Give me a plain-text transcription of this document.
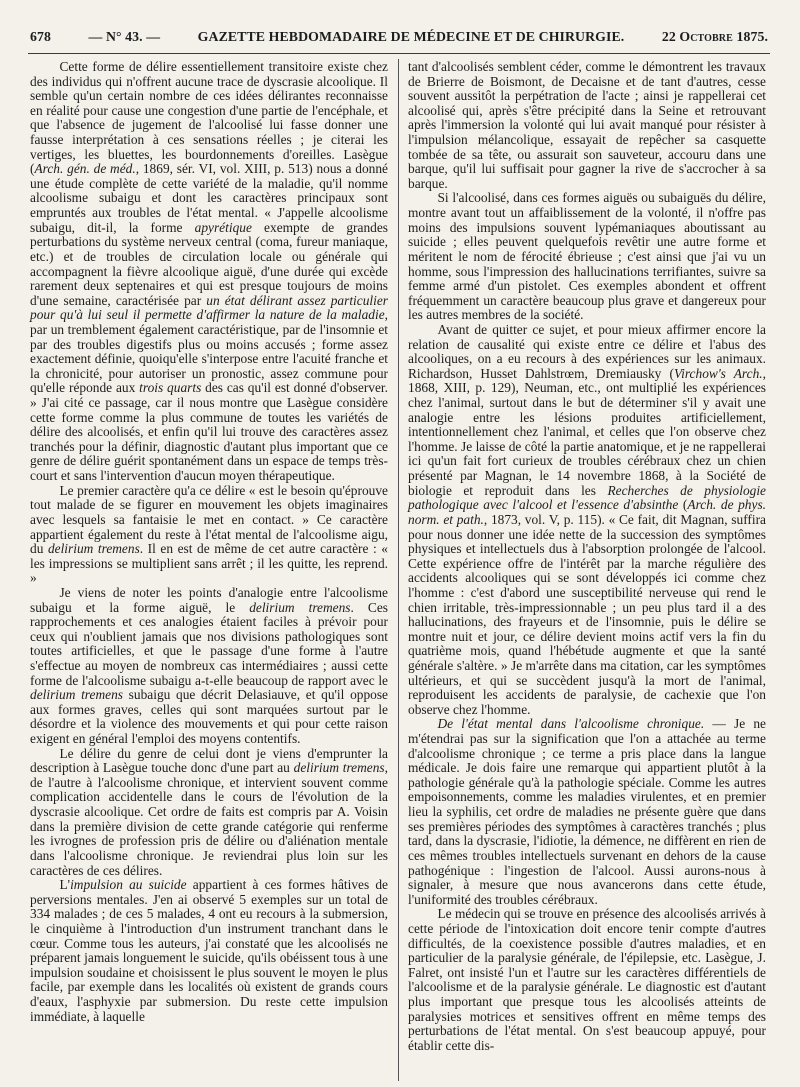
678	— N° 43. —	GAZETTE HEBDOMADAIRE DE MÉDECINE ET DE CHIRURGIE.	22 Octobre 1875.

Cette forme de délire essentiellement transitoire existe chez des individus qui n'offrent aucune trace de dyscrasie alcoolique. Il semble qu'un certain nombre de ces idées délirantes reconnaisse en réalité pour cause une congestion d'une partie de l'encéphale, et que l'absence de jugement de l'alcoolisé lui fasse donner une fausse interprétation à ces sensations réelles ; je citerai les vertiges, les bluettes, les bourdonnements d'oreilles. Lasègue (Arch. gén. de méd., 1869, sér. VI, vol. XIII, p. 513) nous a donné une étude complète de cette variété de la maladie, qu'il nomme alcoolisme subaigu et dont les caractères principaux sont empruntés aux troubles de l'état mental. « J'appelle alcoolisme subaigu, dit-il, la forme apyrétique exempte de grandes perturbations du système nerveux central (coma, fureur maniaque, etc.) et de troubles de circulation locale ou générale qui accompagnent la fièvre alcoolique aiguë, d'une durée qui excède rarement deux septenaires et qui est presque toujours de moins d'une semaine, caractérisée par un état délirant assez particulier pour qu'à lui seul il permette d'affirmer la nature de la maladie, par un tremblement également caractéristique, par de l'insomnie et par des troubles digestifs plus ou moins accusés ; forme assez exactement définie, quoiqu'elle s'interpose entre l'acuité franche et la chronicité, pour autoriser un pronostic, assez commune pour qu'elle réponde aux trois quarts des cas qu'il est donné d'observer. » J'ai cité ce passage, car il nous montre que Lasègue considère cette forme comme la plus commune de toutes les variétés de délire des alcoolisés, et enfin qu'il lui trouve des caractères assez tranchés pour la définir, diagnostic d'autant plus important que ce genre de délire guérit spontanément dans un espace de temps très-court et sans l'intervention d'aucun moyen thérapeutique.

Le premier caractère qu'a ce délire « est le besoin qu'éprouve tout malade de se figurer en mouvement les objets imaginaires avec lesquels sa fantaisie le met en contact. » Ce caractère appartient également du reste à l'état mental de l'alcoolisme aigu, du delirium tremens. Il en est de même de cet autre caractère : « les impressions se multiplient sans arrêt ; il les quitte, les reprend. »

Je viens de noter les points d'analogie entre l'alcoolisme subaigu et la forme aiguë, le delirium tremens. Ces rapprochements et ces analogies étaient faciles à prévoir pour ceux qui n'oublient jamais que nos divisions pathologiques sont toutes artificielles, et que le passage d'une forme à l'autre s'effectue au moyen de nombreux cas intermédiaires ; aussi cette forme de l'alcoolisme subaigu a-t-elle beaucoup de rapport avec le delirium tremens subaigu que décrit Delasiauve, et qu'il oppose aux formes graves, celles qui sont marquées surtout par le désordre et la violence des mouvements et qui pour cette raison exigent en général l'emploi des moyens contentifs.

Le délire du genre de celui dont je viens d'emprunter la description à Lasègue touche donc d'une part au delirium tremens, de l'autre à l'alcoolisme chronique, et intervient souvent comme complication accidentelle dans le cours de l'évolution de la dyscrasie alcoolique. Cet ordre de faits est compris par A. Voisin dans la première division de cette grande catégorie qui renferme les ivrognes de profession pris de délire ou d'aliénation mentale dans l'alcoolisme chronique. Je reviendrai plus loin sur les caractères de ces délires.

L'impulsion au suicide appartient à ces formes hâtives de perversions mentales. J'en ai observé 5 exemples sur un total de 334 malades ; de ces 5 malades, 4 ont eu recours à la submersion, le cinquième à l'introduction d'un instrument tranchant dans le cœur. Comme tous les auteurs, j'ai constaté que les alcoolisés ne préparent jamais longuement le suicide, qu'ils obéissent tous à une impulsion soudaine et choisissent le plus souvent le moyen le plus facile, par exemple dans les localités où existent de grands cours d'eaux, l'asphyxie par submersion. Du reste cette impulsion immédiate, à laquelle

tant d'alcoolisés semblent céder, comme le démontrent les travaux de Brierre de Boismont, de Decaisne et de tant d'autres, cesse souvent aussitôt la perpétration de l'acte ; ainsi je rappellerai cet alcoolisé qui, après s'être précipité dans la Seine et retrouvant après l'immersion la volonté qui lui avait manqué pour résister à l'impulsion mélancolique, essayait de repêcher sa casquette tombée de sa tête, ou assurait son sauveteur, accouru dans une barque, qu'il lui suffisait pour gagner la rive de s'accrocher à sa barque.

Si l'alcoolisé, dans ces formes aiguës ou subaiguës du délire, montre avant tout un affaiblissement de la volonté, il n'offre pas moins des impulsions souvent lypémaniaques aboutissant au suicide ; elles peuvent quelquefois revêtir une autre forme et méritent le nom de férocité ébrieuse ; c'est ainsi que j'ai vu un homme, sous l'impression des hallucinations terrifiantes, suivre sa femme armé d'un pistolet. Ces exemples abondent et offrent fréquemment un caractère beaucoup plus grave et dangereux pour les autres membres de la société.

Avant de quitter ce sujet, et pour mieux affirmer encore la relation de causalité qui existe entre ce délire et l'abus des alcooliques, on a eu recours à des expériences sur les animaux. Richardson, Husset Dahlstrœm, Dremiausky (Virchow's Arch., 1868, XIII, p. 129), Neuman, etc., ont multiplié les expériences chez l'animal, surtout dans le but de déterminer s'il y avait une analogie entre les lésions produites artificiellement, intentionnellement chez l'animal, et celles que l'on observe chez l'homme. Je laisse de côté la partie anatomique, et je ne rappellerai ici qu'un fait fort curieux de troubles cérébraux chez un chien présenté par Magnan, le 14 novembre 1868, à la Société de biologie et reproduit dans les Recherches de physiologie pathologique avec l'alcool et l'essence d'absinthe (Arch. de phys. norm. et path., 1873, vol. V, p. 115). « Ce fait, dit Magnan, suffira pour nous donner une idée nette de la succession des symptômes physiques et intellectuels dus à l'absorption prolongée de l'alcool. Cette expérience offre de l'intérêt par la marche régulière des accidents alcooliques qui se sont développés ici comme chez l'homme : c'est d'abord une susceptibilité nerveuse qui rend le chien irritable, très-impressionnable ; un peu plus tard il a des hallucinations, des frayeurs et de l'insomnie, puis le délire se montre nuit et jour, ce délire devient moins actif vers la fin du quatrième mois, quand l'hébétude augmente et que la santé générale s'altère. » Je m'arrête dans ma citation, car les symptômes ultérieurs, et qui se succèdent jusqu'à la mort de l'animal, reproduisent les accidents de paralysie, de cachexie que l'on observe chez l'homme.

De l'état mental dans l'alcoolisme chronique. — Je ne m'étendrai pas sur la signification que l'on a attachée au terme d'alcoolisme chronique ; ce terme a pris place dans la langue médicale. Je dois faire une remarque qui appartient plutôt à la pathologie générale qu'à la pathologie spéciale. Comme les autres empoisonnements, comme les maladies virulentes, et en premier lieu la syphilis, cet ordre de maladies ne présente guère que dans ses premières périodes des symptômes à caractères tranchés ; plus tard, dans la dyscrasie, l'idiotie, la démence, ne diffèrent en rien de ces mêmes troubles intellectuels survenant en dehors de la cause pathogénique : l'ingestion de l'alcool. Aussi aurons-nous à signaler, à mesure que nous avancerons dans cette étude, l'uniformité des troubles cérébraux.

Le médecin qui se trouve en présence des alcoolisés arrivés à cette période de l'intoxication doit encore tenir compte d'autres difficultés, de la coexistence possible d'autres maladies, et en particulier de la paralysie générale, de l'épilepsie, etc. Lasègue, J. Falret, ont insisté l'un et l'autre sur les caractères différentiels de l'alcoolisme et de la paralysie générale. Le diagnostic est d'autant plus important que presque tous les alcoolisés atteints de paralysies motrices et sensitives offrent en même temps des perturbations de l'état mental. On s'est beaucoup appuyé, pour établir cette dis-
